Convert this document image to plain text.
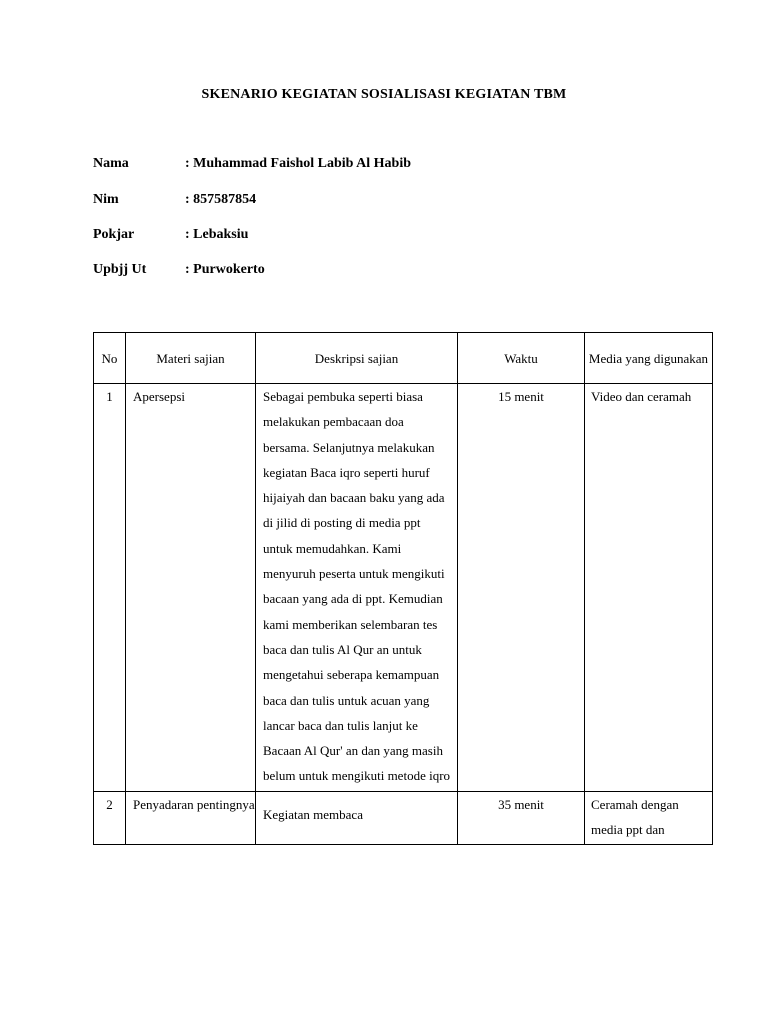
SKENARIO KEGIATAN SOSIALISASI KEGIATAN TBM
Nama	: Muhammad Faishol Labib Al Habib
Nim	: 857587854
Pokjar	: Lebaksiu
Upbjj Ut	: Purwokerto
No	Materi sajian	Deskripsi sajian	Waktu	Media yang digunakan
1	Apersepsi	Sebagai pembuka seperti biasa melakukan pembacaan doa bersama. Selanjutnya melakukan kegiatan Baca iqro seperti huruf hijaiyah dan bacaan baku yang ada di jilid di posting di media ppt untuk memudahkan. Kami menyuruh peserta untuk mengikuti bacaan yang ada di ppt. Kemudian kami memberikan selembaran tes baca dan tulis Al Qur an untuk mengetahui seberapa kemampuan baca dan tulis untuk acuan yang lancar baca dan tulis lanjut ke Bacaan Al Qur' an dan yang masih belum untuk mengikuti metode iqro	15 menit	Video dan ceramah
2	Penyadaran pentingnya	Kegiatan membaca	35 menit	Ceramah dengan media ppt dan
